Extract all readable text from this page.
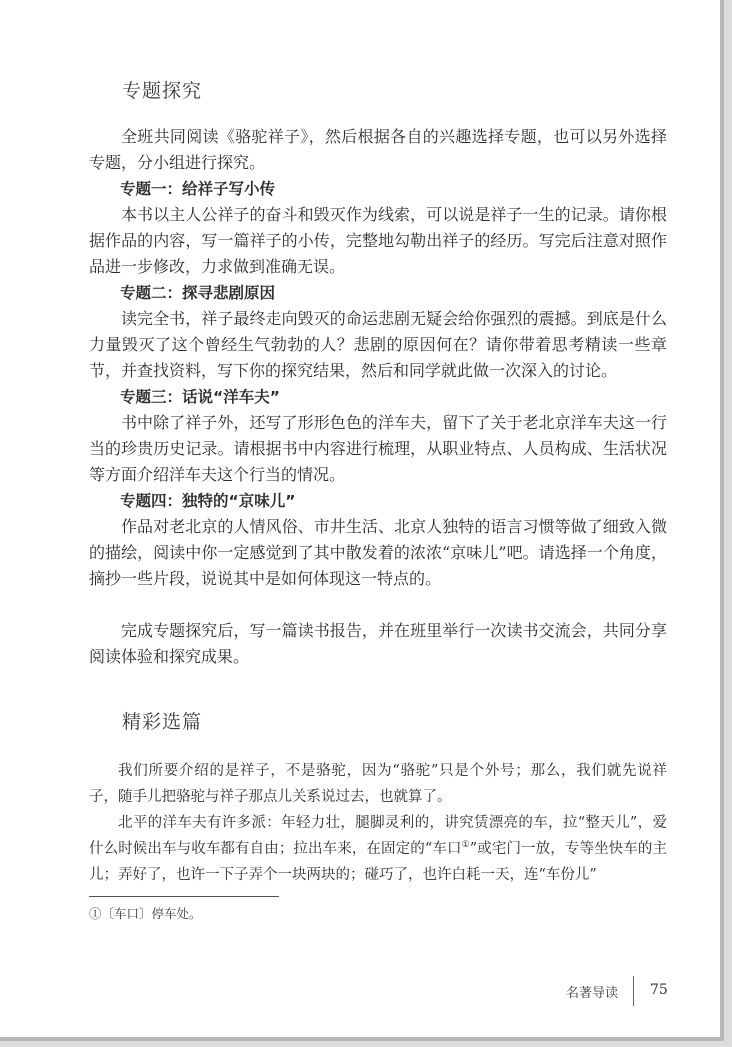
专题探究

全班共同阅读《骆驼祥子》，然后根据各自的兴趣选择专题，也可以另外选择专题，分小组进行探究。

专题一：给祥子写小传

本书以主人公祥子的奋斗和毁灭作为线索，可以说是祥子一生的记录。请你根据作品的内容，写一篇祥子的小传，完整地勾勒出祥子的经历。写完后注意对照作品进一步修改，力求做到准确无误。

专题二：探寻悲剧原因

读完全书，祥子最终走向毁灭的命运悲剧无疑会给你强烈的震撼。到底是什么力量毁灭了这个曾经生气勃勃的人？悲剧的原因何在？请你带着思考精读一些章节，并查找资料，写下你的探究结果，然后和同学就此做一次深入的讨论。

专题三：话说“洋车夫”

书中除了祥子外，还写了形形色色的洋车夫，留下了关于老北京洋车夫这一行当的珍贵历史记录。请根据书中内容进行梳理，从职业特点、人员构成、生活状况等方面介绍洋车夫这个行当的情况。

专题四：独特的“京味儿”

作品对老北京的人情风俗、市井生活、北京人独特的语言习惯等做了细致入微的描绘，阅读中你一定感觉到了其中散发着的浓浓“京味儿”吧。请选择一个角度，摘抄一些片段，说说其中是如何体现这一特点的。

完成专题探究后，写一篇读书报告，并在班里举行一次读书交流会，共同分享阅读体验和探究成果。

精彩选篇

我们所要介绍的是祥子，不是骆驼，因为“骆驼”只是个外号；那么，我们就先说祥子，随手儿把骆驼与祥子那点儿关系说过去，也就算了。

北平的洋车夫有许多派：年轻力壮，腿脚灵利的，讲究赁漂亮的车，拉“整天儿”，爱什么时候出车与收车都有自由；拉出车来，在固定的“车口①”或宅门一放，专等坐快车的主儿；弄好了，也许一下子弄个一块两块的；碰巧了，也许白耗一天，连“车份儿”

①〔车口〕停车处。
名著导读 75
